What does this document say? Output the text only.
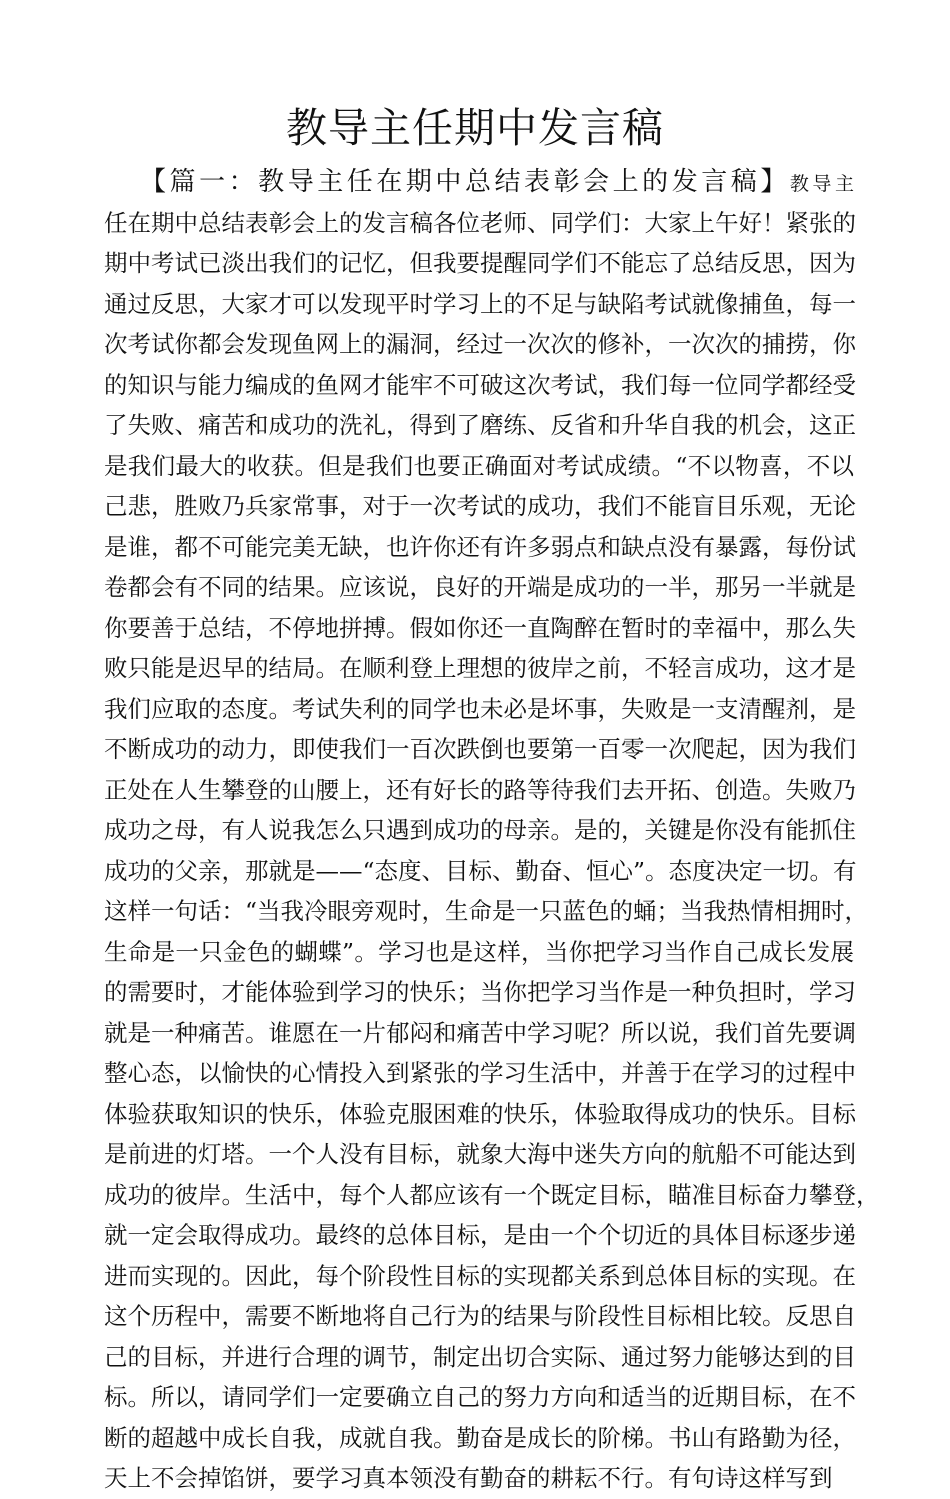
教导主任期中发言稿
【篇一：教导主任在期中总结表彰会上的发言稿】教导主
任在期中总结表彰会上的发言稿各位老师、同学们：大家上午好！紧张的
期中考试已淡出我们的记忆，但我要提醒同学们不能忘了总结反思，因为
通过反思，大家才可以发现平时学习上的不足与缺陷考试就像捕鱼，每一
次考试你都会发现鱼网上的漏洞，经过一次次的修补，一次次的捕捞，你
的知识与能力编成的鱼网才能牢不可破这次考试，我们每一位同学都经受
了失败、痛苦和成功的洗礼，得到了磨练、反省和升华自我的机会，这正
是我们最大的收获。但是我们也要正确面对考试成绩。“不以物喜，不以
己悲，胜败乃兵家常事，对于一次考试的成功，我们不能盲目乐观，无论
是谁，都不可能完美无缺，也许你还有许多弱点和缺点没有暴露，每份试
卷都会有不同的结果。应该说，良好的开端是成功的一半，那另一半就是
你要善于总结，不停地拼搏。假如你还一直陶醉在暂时的幸福中，那么失
败只能是迟早的结局。在顺利登上理想的彼岸之前，不轻言成功，这才是
我们应取的态度。考试失利的同学也未必是坏事，失败是一支清醒剂，是
不断成功的动力，即使我们一百次跌倒也要第一百零一次爬起，因为我们
正处在人生攀登的山腰上，还有好长的路等待我们去开拓、创造。失败乃
成功之母，有人说我怎么只遇到成功的母亲。是的，关键是你没有能抓住
成功的父亲，那就是——“态度、目标、勤奋、恒心”。态度决定一切。有
这样一句话：“当我冷眼旁观时，生命是一只蓝色的蛹；当我热情相拥时，
生命是一只金色的蝴蝶”。学习也是这样，当你把学习当作自己成长发展
的需要时，才能体验到学习的快乐；当你把学习当作是一种负担时，学习
就是一种痛苦。谁愿在一片郁闷和痛苦中学习呢？所以说，我们首先要调
整心态，以愉快的心情投入到紧张的学习生活中，并善于在学习的过程中
体验获取知识的快乐，体验克服困难的快乐，体验取得成功的快乐。目标
是前进的灯塔。一个人没有目标，就象大海中迷失方向的航船不可能达到
成功的彼岸。生活中，每个人都应该有一个既定目标，瞄准目标奋力攀登，
就一定会取得成功。最终的总体目标，是由一个个切近的具体目标逐步递
进而实现的。因此，每个阶段性目标的实现都关系到总体目标的实现。在
这个历程中，需要不断地将自己行为的结果与阶段性目标相比较。反思自
己的目标，并进行合理的调节，制定出切合实际、通过努力能够达到的目
标。所以，请同学们一定要确立自己的努力方向和适当的近期目标，在不
断的超越中成长自我，成就自我。勤奋是成长的阶梯。书山有路勤为径，
天上不会掉馅饼，要学习真本领没有勤奋的耕耘不行。有句诗这样写到
